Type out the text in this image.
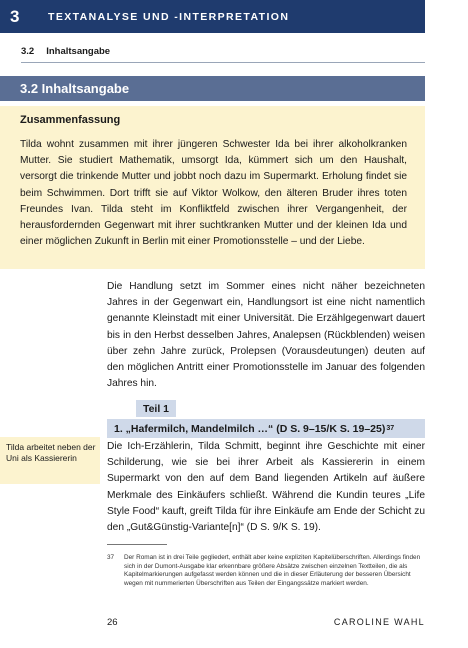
3	TEXTANALYSE UND -INTERPRETATION
3.2 Inhaltsangabe
3.2 Inhaltsangabe
Zusammenfassung
Tilda wohnt zusammen mit ihrer jüngeren Schwester Ida bei ihrer alkoholkranken Mutter. Sie studiert Mathematik, umsorgt Ida, kümmert sich um den Haushalt, versorgt die trinkende Mutter und jobbt noch dazu im Supermarkt. Erholung findet sie beim Schwimmen. Dort trifft sie auf Viktor Wolkow, den älteren Bruder ihres toten Freundes Ivan. Tilda steht im Konfliktfeld zwischen ihrer Vergangenheit, der herausfordernden Gegenwart mit ihrer suchtkranken Mutter und der kleinen Ida und einer möglichen Zukunft in Berlin mit einer Promotionsstelle – und der Liebe.
Die Handlung setzt im Sommer eines nicht näher bezeichneten Jahres in der Gegenwart ein, Handlungsort ist eine nicht namentlich genannte Kleinstadt mit einer Universität. Die Erzählgegenwart dauert bis in den Herbst desselben Jahres, Analepsen (Rückblenden) weisen über zehn Jahre zurück, Prolepsen (Vorausdeutungen) deuten auf den möglichen Antritt einer Promotionsstelle im Januar des folgenden Jahres hin.
Teil 1
1. „Hafermilch, Mandelmilch …“ (D S. 9–15/K S. 19–25) 37
Tilda arbeitet neben der Uni als Kassiererin
Die Ich-Erzählerin, Tilda Schmitt, beginnt ihre Geschichte mit einer Schilderung, wie sie bei ihrer Arbeit als Kassiererin in einem Supermarkt von den auf dem Band liegenden Artikeln auf äußere Merkmale des Einkäufers schließt. Während die Kundin teures „Life Style Food“ kauft, greift Tilda für ihre Einkäufe am Ende der Schicht zu den „Gut&Günstig-Variante[n]“ (D S. 9/K S. 19).
37	Der Roman ist in drei Teile gegliedert, enthält aber keine expliziten Kapitelüberschriften. Allerdings finden sich in der Dumont-Ausgabe klar erkennbare größere Absätze zwischen einzelnen Textteilen, die als Kapitelmarkierungen aufgefasst werden können und die in dieser Erläuterung der besseren Übersicht wegen mit nummerierten Überschriften aus Teilen der Eingangssätze markiert werden.
26	CAROLINE WAHL
